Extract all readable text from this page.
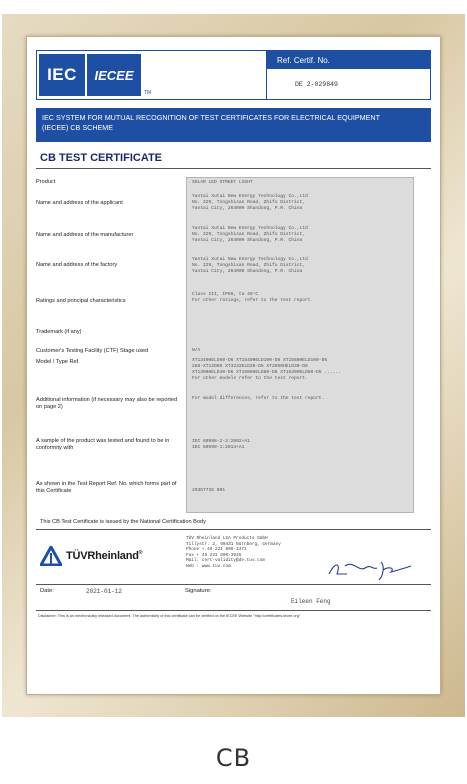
IEC	IECEE
TM
Ref. Certif. No.
DE 2-029849
IEC SYSTEM FOR MUTUAL RECOGNITION OF TEST CERTIFICATES FOR ELECTRICAL EQUIPMENT
(IECEE) CB SCHEME
CB TEST CERTIFICATE
Product	SOLAR LED STREET LIGHT
Name and address of the applicant
Yantai Xutai New Energy Technology Co.,Ltd
No. 229, Tongshisan Road, Zhifu District,
Yantai City, 264000 Shandong, P.R. China
Name and address of the manufacturer
Yantai Xutai New Energy Technology Co.,Ltd
No. 229, Tongshisan Road, Zhifu District,
Yantai City, 264000 Shandong, P.R. China
Name and address of the factory
Yantai Xutai New Energy Technology Co.,Ltd
No. 229, Tongshisan Road, Zhifu District,
Yantai City, 264000 Shandong, P.R. China
Ratings and principal characteristics
Class III, IP66, ta 45°C
For other ratings, refer to the test report.
Trademark (if any)
Customer's Testing Facility (CTF) Stage used	N/A
Model / Type Ref.	XT1340HELD60-D6 XT1540HELD100-D6 XT1560HELD100-D6
288-XT12D05 XT3232ELD20-D5 XT2050HELD30-D8
XT1390HELD40-D6 XT1500HELD60-D6 XT1530HELD80-D5 ......
For other models refer to the test report.
Additional information (if necessary may also be reported on page 2)
For model differences, refer to the test report.
A sample of the product was tested and found to be in conformity with
IEC 60598-2-3:2002+A1
IEC 60598-1:2014+A1
As shown in the Test Report Ref. No. which forms part of this Certificate	20357735 001
This CB Test Certificate is issued by the National Certification Body
TÜVRheinland®
TÜV Rheinland LGA Products GmbH
Tillystr. 2, 90431 Nürnberg, Germany
Phone + 49 221 806-1371
Fax + 49 221 806-3935
Mail: cert-validity@de.tuv.com
Web : www.tuv.com
Date:	2021-01-12	Signature:
Eileen Feng
Disclaimer: This is an electronically released document. The authenticity of this certificate can be verified on the IECEE Website "http://certificates.iecee.org"
CB
